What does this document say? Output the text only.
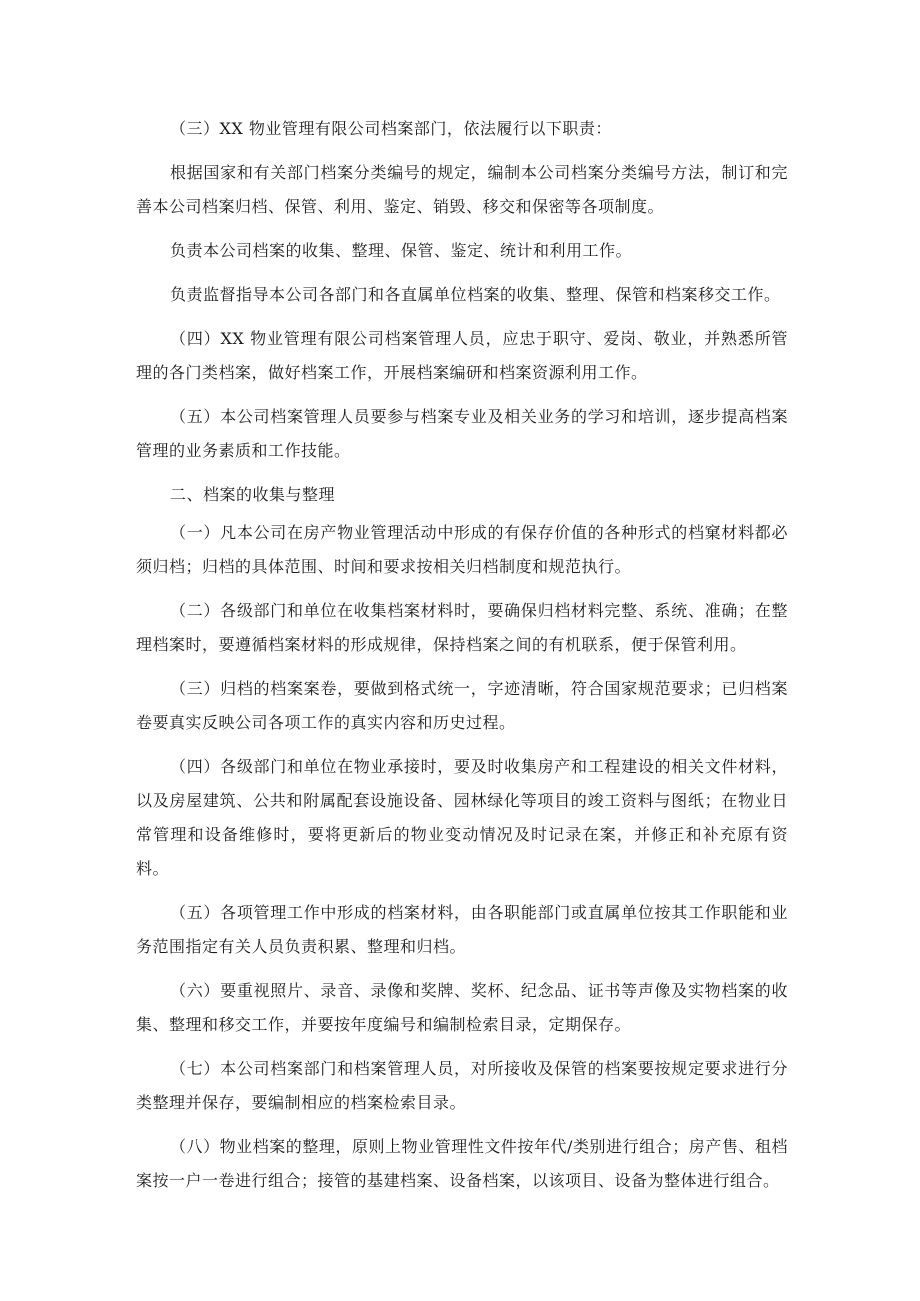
（三）XX 物业管理有限公司档案部门，依法履行以下职责：

根据国家和有关部门档案分类编号的规定，编制本公司档案分类编号方法，制订和完善本公司档案归档、保管、利用、鉴定、销毁、移交和保密等各项制度。

负责本公司档案的收集、整理、保管、鉴定、统计和利用工作。

负责监督指导本公司各部门和各直属单位档案的收集、整理、保管和档案移交工作。

（四）XX 物业管理有限公司档案管理人员，应忠于职守、爱岗、敬业，并熟悉所管理的各门类档案，做好档案工作，开展档案编研和档案资源利用工作。

（五）本公司档案管理人员要参与档案专业及相关业务的学习和培训，逐步提高档案管理的业务素质和工作技能。

二、档案的收集与整理

（一）凡本公司在房产物业管理活动中形成的有保存价值的各种形式的档窠材料都必须归档；归档的具体范围、时间和要求按相关归档制度和规范执行。

（二）各级部门和单位在收集档案材料时，要确保归档材料完整、系统、准确；在整理档案时，要遵循档案材料的形成规律，保持档案之间的有机联系，便于保管利用。

（三）归档的档案案卷，要做到格式统一，字迹清晰，符合国家规范要求；已归档案卷要真实反映公司各项工作的真实内容和历史过程。

（四）各级部门和单位在物业承接时，要及时收集房产和工程建设的相关文件材料，以及房屋建筑、公共和附属配套设施设备、园林绿化等项目的竣工资料与图纸；在物业日常管理和设备维修时，要将更新后的物业变动情况及时记录在案，并修正和补充原有资料。

（五）各项管理工作中形成的档案材料，由各职能部门或直属单位按其工作职能和业务范围指定有关人员负责积累、整理和归档。

（六）要重视照片、录音、录像和奖牌、奖杯、纪念品、证书等声像及实物档案的收集、整理和移交工作，并要按年度编号和编制检索目录，定期保存。

（七）本公司档案部门和档案管理人员，对所接收及保管的档案要按规定要求进行分类整理并保存，要编制相应的档案检索目录。

（八）物业档案的整理，原则上物业管理性文件按年代/类别进行组合；房产售、租档案按一户一卷进行组合；接管的基建档案、设备档案，以该项目、设备为整体进行组合。
